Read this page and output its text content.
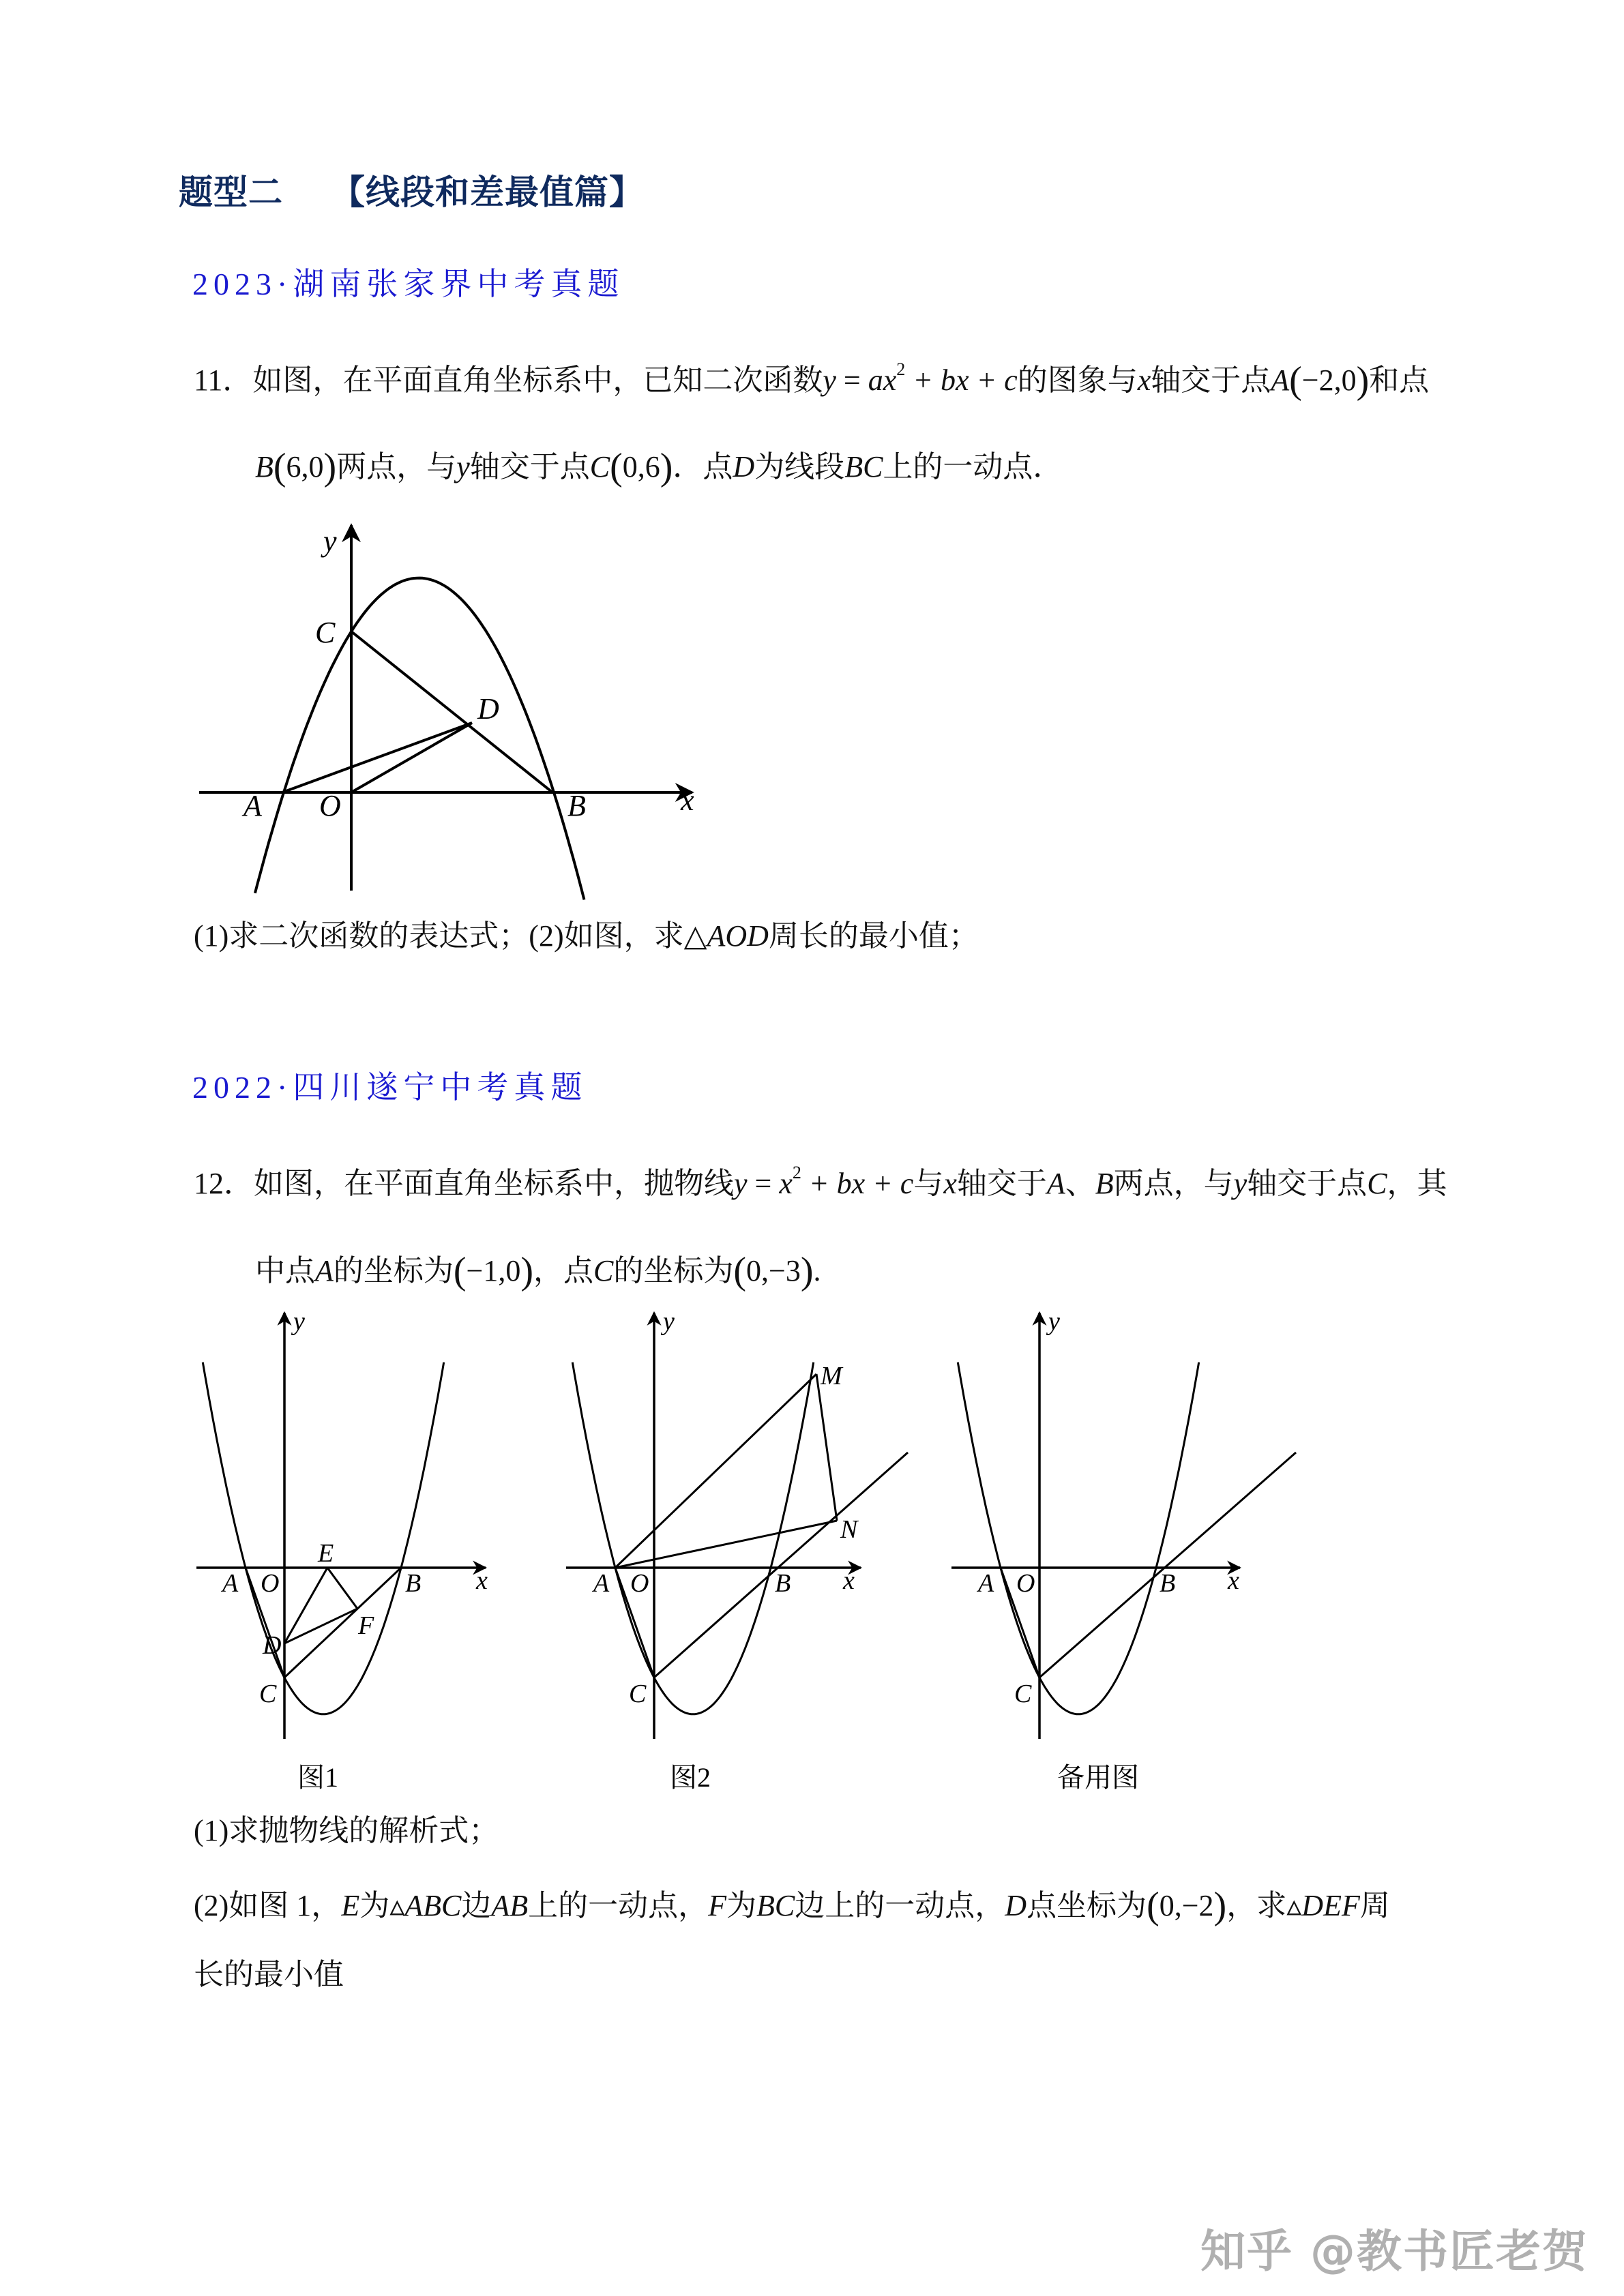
题型二 【线段和差最值篇】
2023·湖南张家界中考真题
11．如图，在平面直角坐标系中，已知二次函数$y = ax^2$ + bx + c的图象与x轴交于点A(−2,0)和点
B(6,0)两点，与y轴交于点C(0,6)．点D为线段BC上的一动点．
y
C
D
A O	B	x
(1)求二次函数的表达式；(2)如图，求△AOD周长的最小值；
2022·四川遂宁中考真题
12．如图，在平面直角坐标系中，抛物线$y = x^2$ + bx + c与x轴交于A、B两点，与y轴交于点C，其
中点A的坐标为(−1,0)，点C的坐标为(0,−3).
y
E
A O	B x
F
D
C
图1
y
M
N
A O	B x
C
图2
y
A O	B x
C
备用图
(1)求抛物线的解析式；
(2)如图 1，E为▵ABC边AB上的一动点，F为BC边上的一动点，D点坐标为(0,−2)，求▵DEF周
长的最小值
知乎 @教书匠老贺
